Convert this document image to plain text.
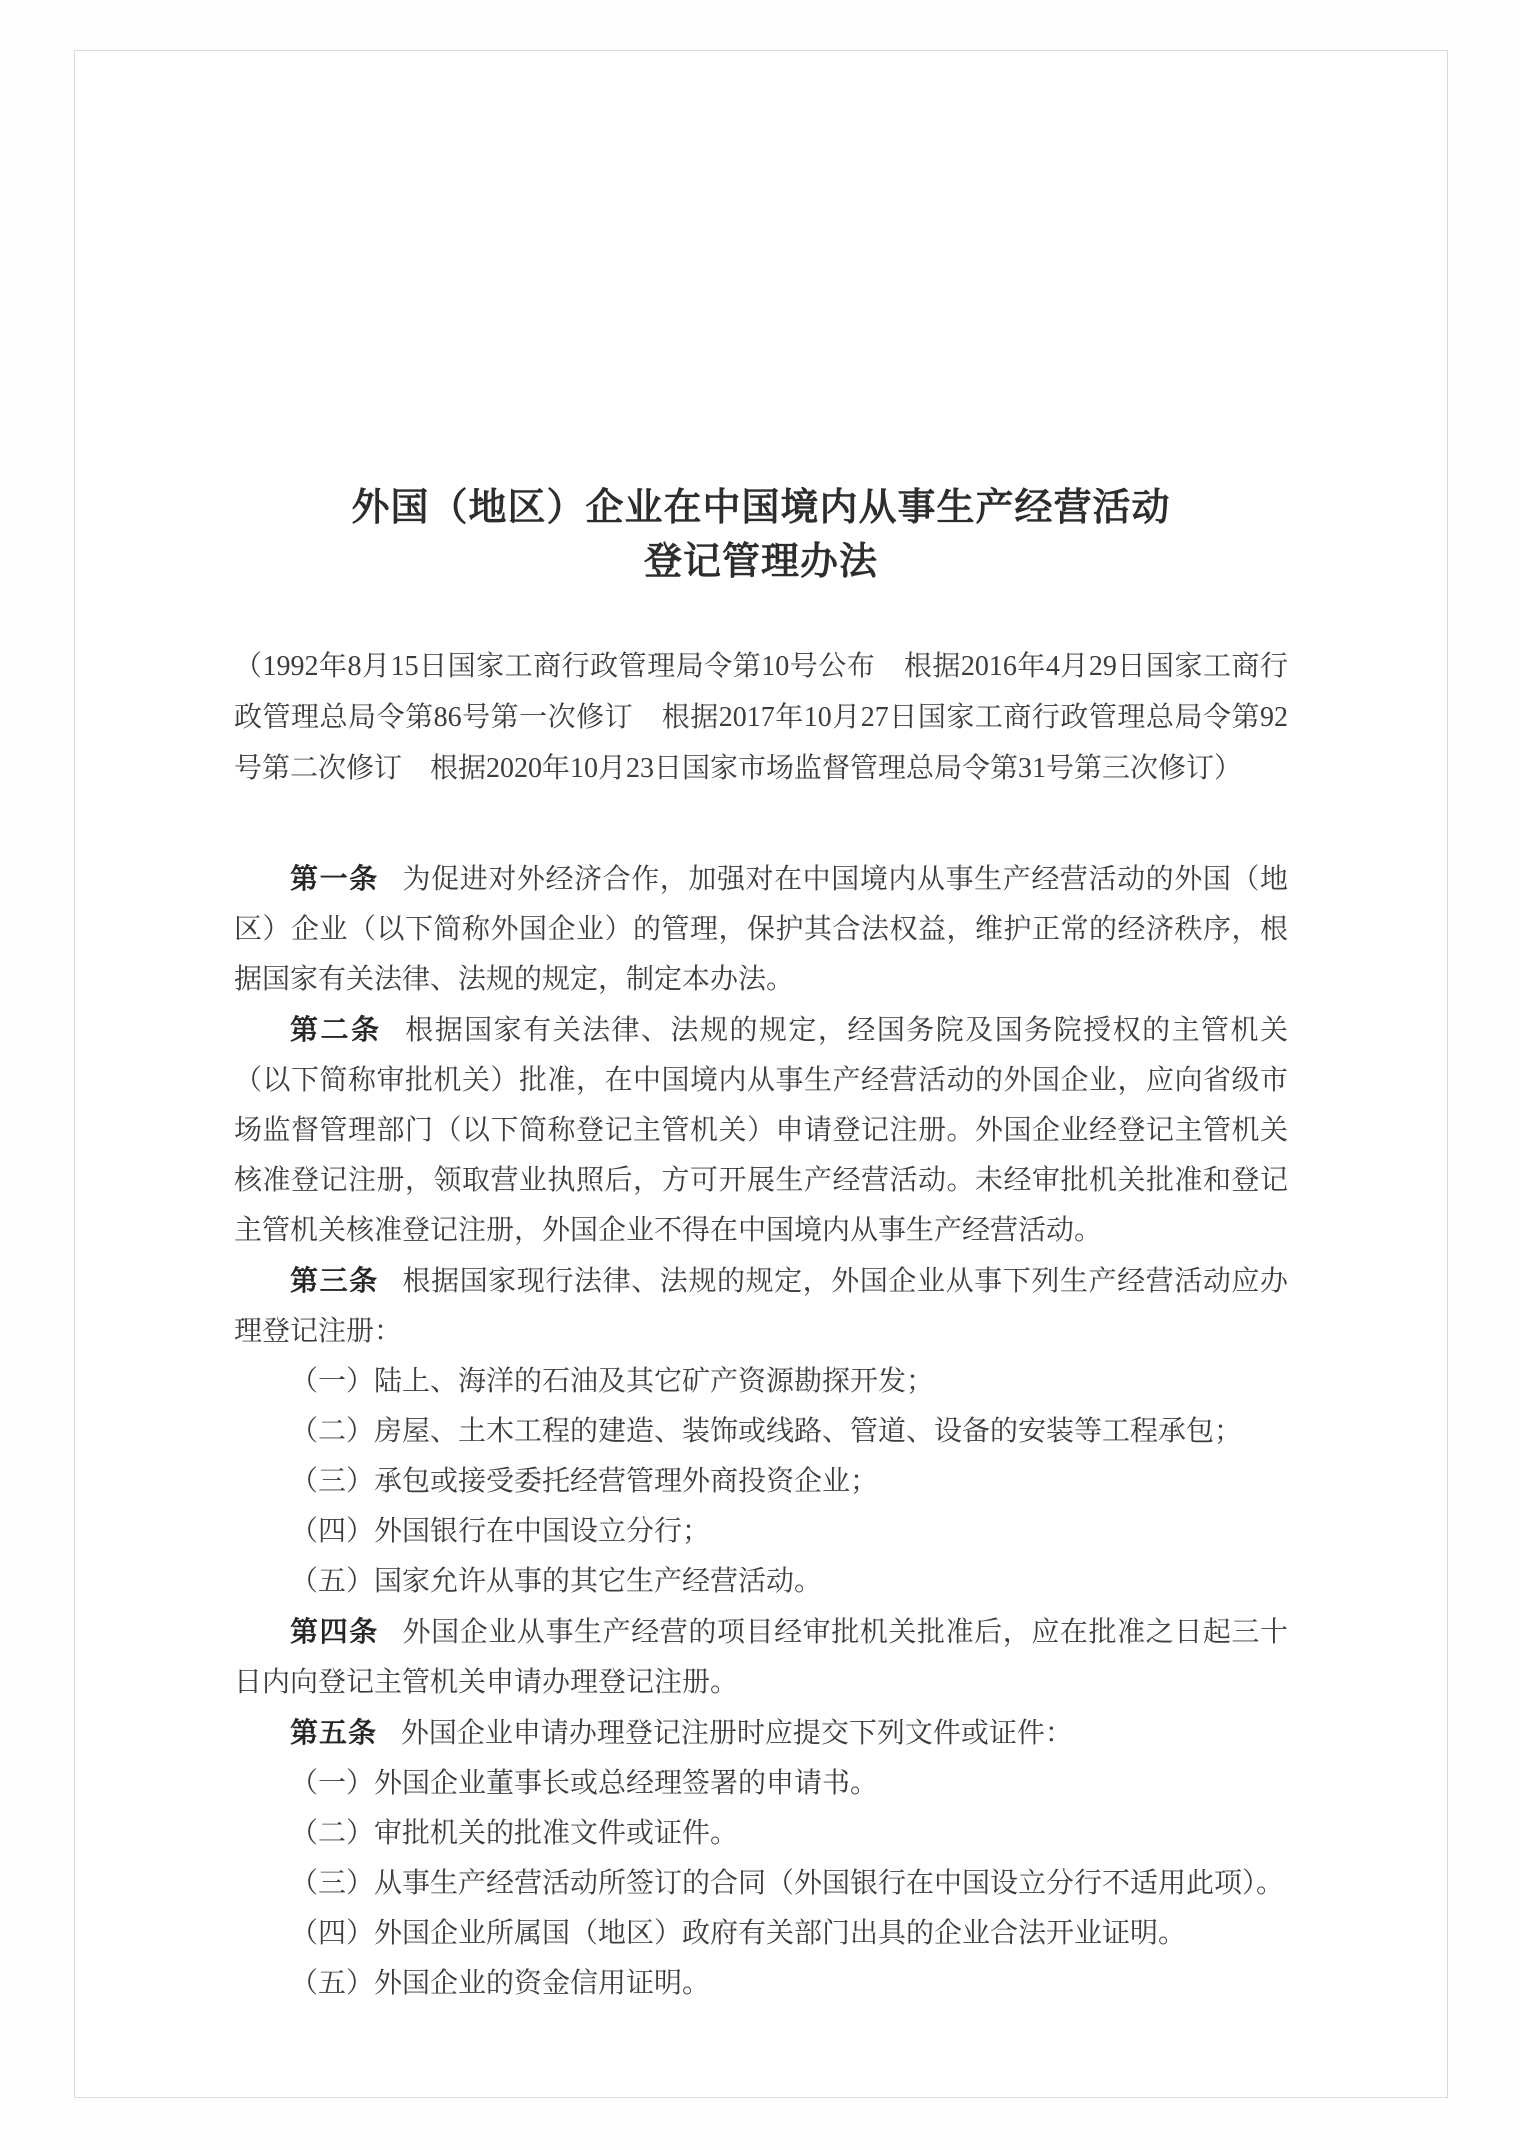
外国（地区）企业在中国境内从事生产经营活动
登记管理办法

（1992年8月15日国家工商行政管理局令第10号公布　根据2016年4月29日国家工商行政管理总局令第86号第一次修订　根据2017年10月27日国家工商行政管理总局令第92号第二次修订　根据2020年10月23日国家市场监督管理总局令第31号第三次修订）

第一条 为促进对外经济合作，加强对在中国境内从事生产经营活动的外国（地区）企业（以下简称外国企业）的管理，保护其合法权益，维护正常的经济秩序，根据国家有关法律、法规的规定，制定本办法。

第二条 根据国家有关法律、法规的规定，经国务院及国务院授权的主管机关（以下简称审批机关）批准，在中国境内从事生产经营活动的外国企业，应向省级市场监督管理部门（以下简称登记主管机关）申请登记注册。外国企业经登记主管机关核准登记注册，领取营业执照后，方可开展生产经营活动。未经审批机关批准和登记主管机关核准登记注册，外国企业不得在中国境内从事生产经营活动。

第三条 根据国家现行法律、法规的规定，外国企业从事下列生产经营活动应办理登记注册：

（一）陆上、海洋的石油及其它矿产资源勘探开发；

（二）房屋、土木工程的建造、装饰或线路、管道、设备的安装等工程承包；

（三）承包或接受委托经营管理外商投资企业；

（四）外国银行在中国设立分行；

（五）国家允许从事的其它生产经营活动。

第四条 外国企业从事生产经营的项目经审批机关批准后，应在批准之日起三十日内向登记主管机关申请办理登记注册。

第五条 外国企业申请办理登记注册时应提交下列文件或证件：

（一）外国企业董事长或总经理签署的申请书。

（二）审批机关的批准文件或证件。

（三）从事生产经营活动所签订的合同（外国银行在中国设立分行不适用此项）。

（四）外国企业所属国（地区）政府有关部门出具的企业合法开业证明。

（五）外国企业的资金信用证明。
